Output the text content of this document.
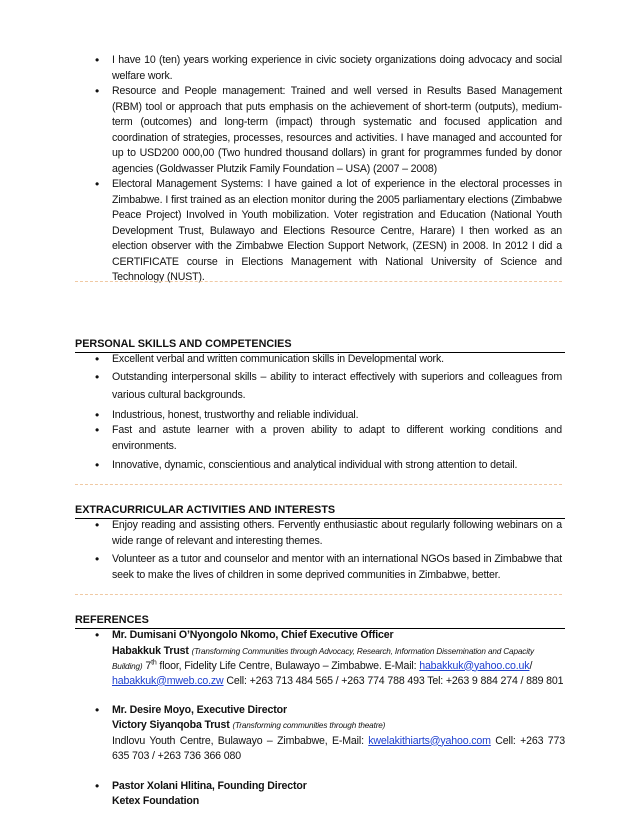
• I have 10 (ten) years working experience in civic society organizations doing advocacy and social welfare work.
• Resource and People management: Trained and well versed in Results Based Management (RBM) tool or approach that puts emphasis on the achievement of short-term (outputs), medium-term (outcomes) and long-term (impact) through systematic and focused application and coordination of strategies, processes, resources and activities. I have managed and accounted for up to USD200 000,00 (Two hundred thousand dollars) in grant for programmes funded by donor agencies (Goldwasser Plutzik Family Foundation – USA) (2007 – 2008)
• Electoral Management Systems: I have gained a lot of experience in the electoral processes in Zimbabwe. I first trained as an election monitor during the 2005 parliamentary elections (Zimbabwe Peace Project) Involved in Youth mobilization. Voter registration and Education (National Youth Development Trust, Bulawayo and Elections Resource Centre, Harare) I then worked as an election observer with the Zimbabwe Election Support Network, (ZESN) in 2008. In 2012 I did a CERTIFICATE course in Elections Management with National University of Science and Technology (NUST).
PERSONAL SKILLS AND COMPETENCIES
• Excellent verbal and written communication skills in Developmental work.
• Outstanding interpersonal skills – ability to interact effectively with superiors and colleagues from various cultural backgrounds.
• Industrious, honest, trustworthy and reliable individual.
• Fast and astute learner with a proven ability to adapt to different working conditions and environments.
• Innovative, dynamic, conscientious and analytical individual with strong attention to detail.
EXTRACURRICULAR ACTIVITIES AND INTERESTS
• Enjoy reading and assisting others. Fervently enthusiastic about regularly following webinars on a wide range of relevant and interesting themes.
• Volunteer as a tutor and counselor and mentor with an international NGOs based in Zimbabwe that seek to make the lives of children in some deprived communities in Zimbabwe, better.
REFERENCES
• Mr. Dumisani O’Nyongolo Nkomo, Chief Executive Officer
Habakkuk Trust (Transforming Communities through Advocacy, Research, Information Dissemination and Capacity Building) 7th floor, Fidelity Life Centre, Bulawayo – Zimbabwe. E-Mail: habakkuk@yahoo.co.uk/ habakkuk@mweb.co.zw Cell: +263 713 484 565 / +263 774 788 493 Tel: +263 9 884 274 / 889 801
• Mr. Desire Moyo, Executive Director
Victory Siyanqoba Trust (Transforming communities through theatre)
Indlovu Youth Centre, Bulawayo – Zimbabwe, E-Mail: kwelakithiarts@yahoo.com Cell: +263 773 635 703 / +263 736 366 080
• Pastor Xolani Hlitina, Founding Director
Ketex Foundation
